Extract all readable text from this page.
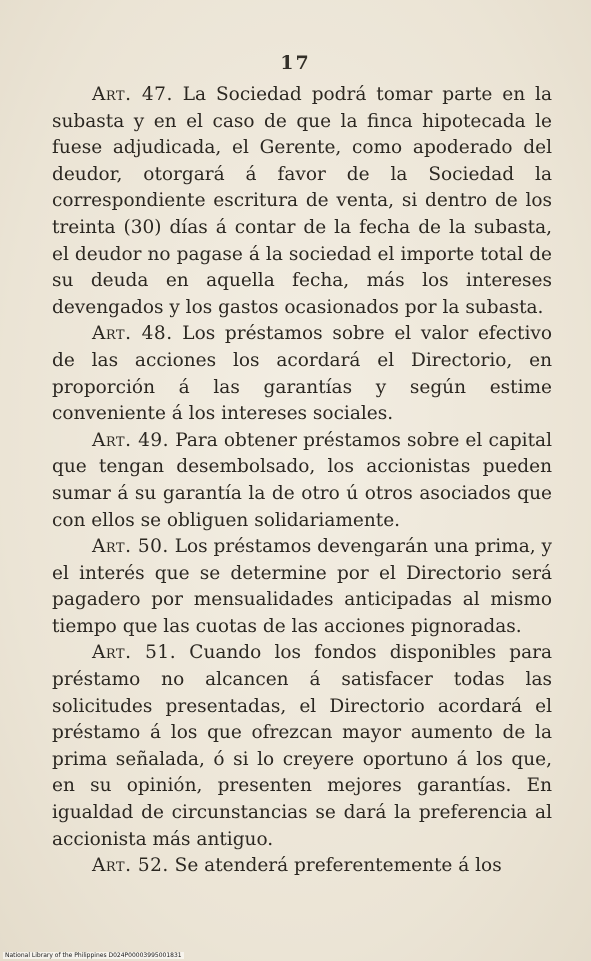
17

Art. 47. La Sociedad podrá tomar parte en la subasta y en el caso de que la finca hipotecada le fuese adjudicada, el Gerente, como apoderado del deudor, otorgará á favor de la Sociedad la correspondiente escritura de venta, si dentro de los treinta (30) días á contar de la fecha de la subasta, el deudor no pagase á la sociedad el importe total de su deuda en aquella fecha, más los intereses devengados y los gastos ocasionados por la subasta.

Art. 48. Los préstamos sobre el valor efectivo de las acciones los acordará el Directorio, en proporción á las garantías y según estime conveniente á los intereses sociales.

Art. 49. Para obtener préstamos sobre el capital que tengan desembolsado, los accionistas pueden sumar á su garantía la de otro ú otros asociados que con ellos se obliguen solidariamente.

Art. 50. Los préstamos devengarán una prima, y el interés que se determine por el Directorio será pagadero por mensualidades anticipadas al mismo tiempo que las cuotas de las acciones pignoradas.

Art. 51. Cuando los fondos disponibles para préstamo no alcancen á satisfacer todas las solicitudes presentadas, el Directorio acordará el préstamo á los que ofrezcan mayor aumento de la prima señalada, ó si lo creyere oportuno á los que, en su opinión, presenten mejores garantías. En igualdad de circunstancias se dará la preferencia al accionista más antiguo.

Art. 52. Se atenderá preferentemente á los

National Library of the Philippines D024P00003995001831
